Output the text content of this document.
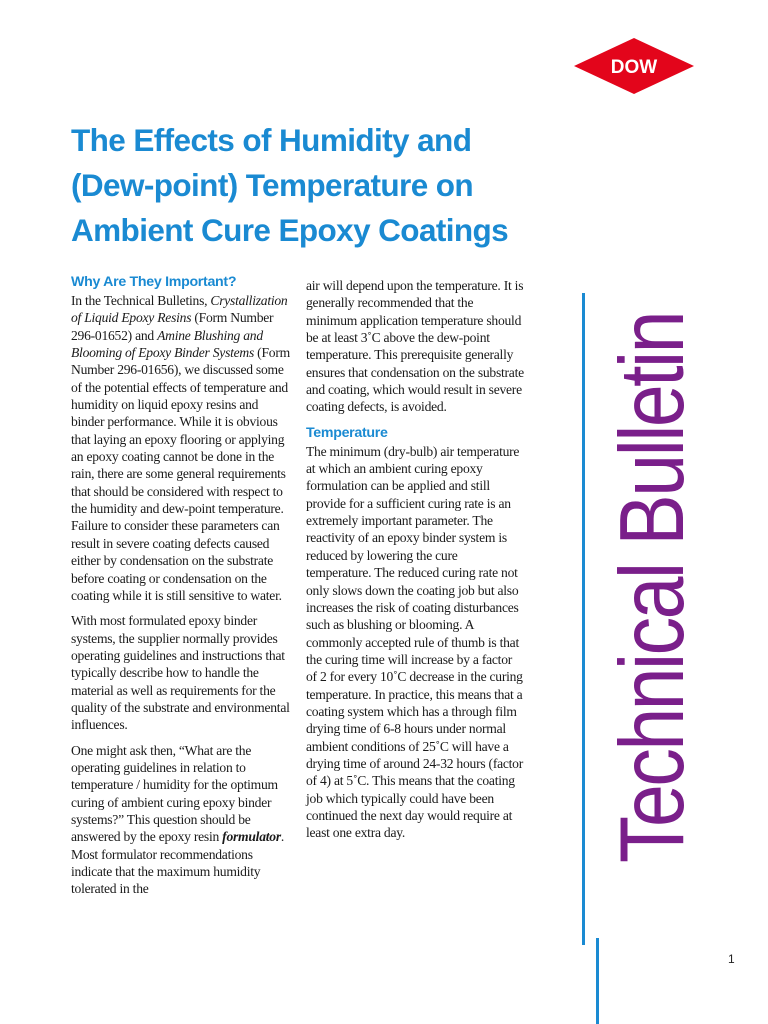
DOW
The Effects of Humidity and
(Dew-point) Temperature on
Ambient Cure Epoxy Coatings
Why Are They Important?

In the Technical Bulletins, Crystallization of Liquid Epoxy Resins (Form Number 296-01652) and Amine Blushing and Blooming of Epoxy Binder Systems (Form Number 296-01656), we discussed some of the potential effects of temperature and humidity on liquid epoxy resins and binder performance. While it is obvious that laying an epoxy flooring or applying an epoxy coating cannot be done in the rain, there are some general requirements that should be considered with respect to the humidity and dew-point temperature. Failure to consider these parameters can result in severe coating defects caused either by condensation on the substrate before coating or condensation on the coating while it is still sensitive to water.

With most formulated epoxy binder systems, the supplier normally provides operating guidelines and instructions that typically describe how to handle the material as well as requirements for the quality of the substrate and environmental influences.

One might ask then, “What are the operating guidelines in relation to temperature / humidity for the optimum curing of ambient curing epoxy binder systems?” This question should be answered by the epoxy resin formulator. Most formulator recommendations indicate that the maximum humidity tolerated in the

air will depend upon the temperature. It is generally recommended that the minimum application temperature should be at least 3˚C above the dew-point temperature. This prerequisite generally ensures that condensation on the substrate and coating, which would result in severe coating defects, is avoided.

Temperature

The minimum (dry-bulb) air temperature at which an ambient curing epoxy formulation can be applied and still provide for a sufficient curing rate is an extremely important parameter. The reactivity of an epoxy binder system is reduced by lowering the cure temperature. The reduced curing rate not only slows down the coating job but also increases the risk of coating disturbances such as blushing or blooming. A commonly accepted rule of thumb is that the curing time will increase by a factor of 2 for every 10˚C decrease in the curing temperature. In practice, this means that a coating system which has a through film drying time of 6-8 hours under normal ambient conditions of 25˚C will have a drying time of around 24-32 hours (factor of 4) at 5˚C. This means that the coating job which typically could have been continued the next day would require at least one extra day.	Technical Bulletin
1
